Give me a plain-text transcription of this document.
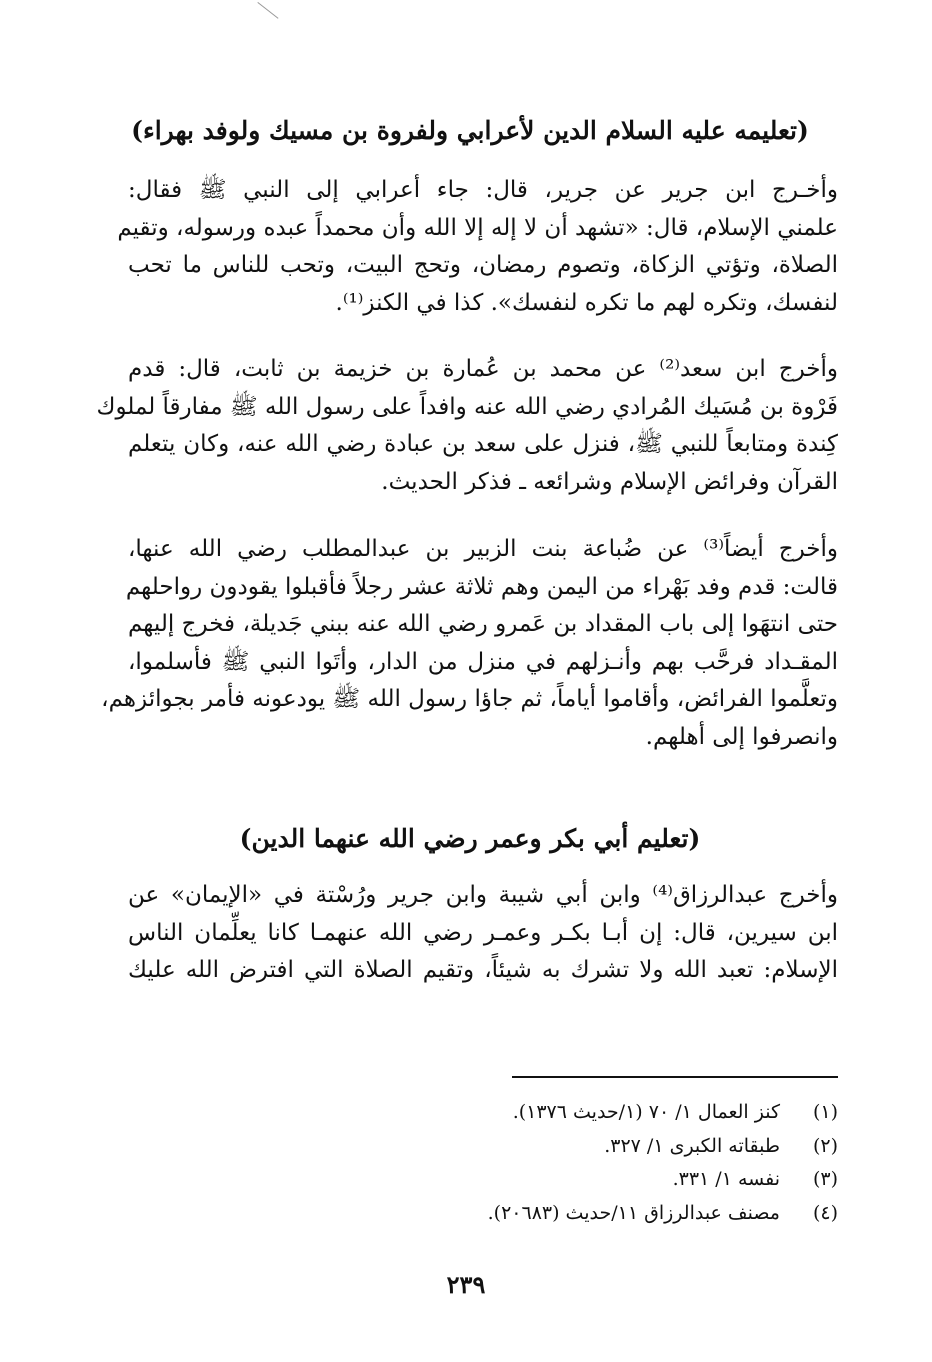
(تعليمه عليه السلام الدين لأعرابي ولفروة بن مسيك ولوفد بهراء)
وأخـرج ابن جرير عن جرير، قال: جاء أعرابي إلى النبي ﷺ فقال:
علمني الإسلام، قال: «تشهد أن لا إله إلا الله وأن محمداً عبده ورسوله، وتقيم
الصلاة، وتؤتي الزكاة، وتصوم رمضان، وتحج البيت، وتحب للناس ما تحب
لنفسك، وتكره لهم ما تكره لنفسك». كذا في الكنز⁽¹⁾.
وأخرج ابن سعد⁽²⁾ عن محمد بن عُمارة بن خزيمة بن ثابت، قال: قدم
فَرْوة بن مُسَيك المُرادي رضي الله عنه وافداً على رسول الله ﷺ مفارقاً لملوك
كِندة ومتابعاً للنبي ﷺ، فنزل على سعد بن عبادة رضي الله عنه، وكان يتعلم
القرآن وفرائض الإسلام وشرائعه ـ فذكر الحديث.
وأخرج أيضاً⁽³⁾ عن ضُباعة بنت الزبير بن عبدالمطلب رضي الله عنها،
قالت: قدم وفد بَهْراء من اليمن وهم ثلاثة عشر رجلاً فأقبلوا يقودون رواحلهم
حتى انتهَوا إلى باب المقداد بن عَمرو رضي الله عنه ببني جَديلة، فخرج إليهم
المقـداد فرحَّب بهم وأنـزلهم في منزل من الدار، وأتَوا النبي ﷺ فأسلموا،
وتعلَّموا الفرائض، وأقاموا أياماً، ثم جاؤا رسول الله ﷺ يودعونه فأمر بجوائزهم،
وانصرفوا إلى أهلهم.
(تعليم أبي بكر وعمر رضي الله عنهما الدين)
وأخرج عبدالرزاق⁽⁴⁾ وابن أبي شيبة وابن جرير ورُسْتة في «الإيمان» عن
ابن سيرين، قال: إن أبـا بكـر وعمـر رضي الله عنهمـا كانا يعلِّمان الناس
الإسلام: تعبد الله ولا تشرك به شيئاً، وتقيم الصلاة التي افترض الله عليك
(١)
كنز العمال ١/ ٧٠ (١/حديث ١٣٧٦).
(٢)
طبقاته الكبرى ١/ ٣٢٧.
(٣)
نفسه ١/ ٣٣١.
(٤)
مصنف عبدالرزاق ١١/حديث (٢٠٦٨٣).
٢٣٩
